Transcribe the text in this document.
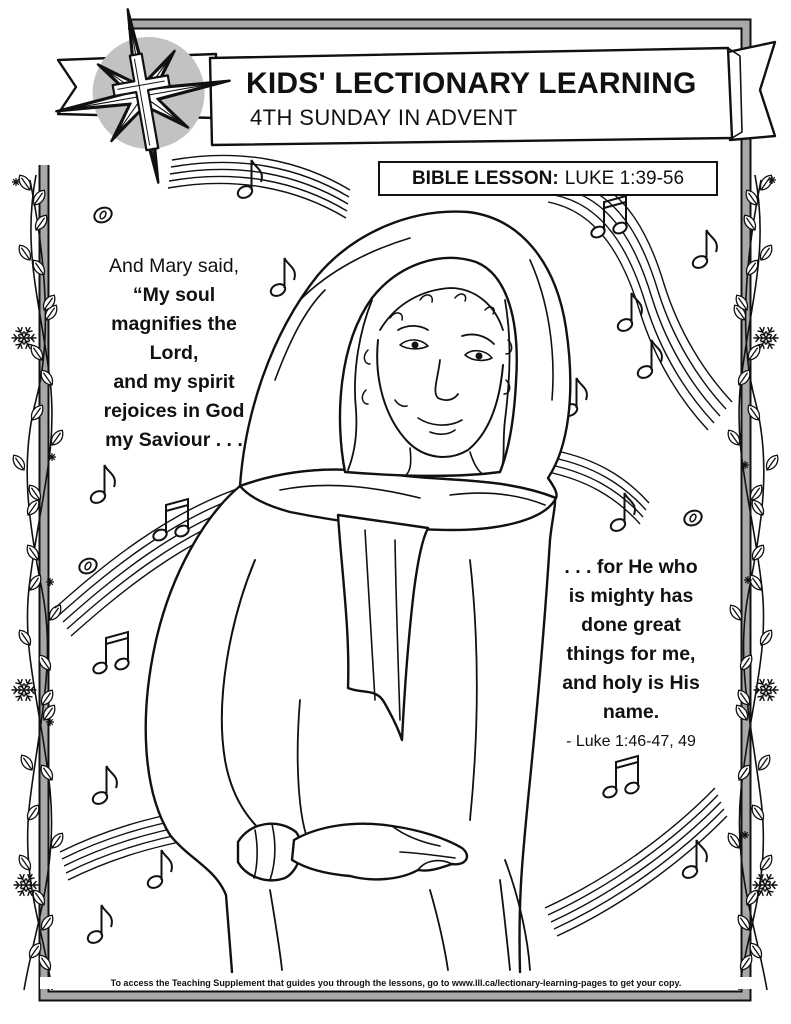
KIDS' LECTIONARY LEARNING
4TH SUNDAY IN ADVENT
BIBLE LESSON: LUKE 1:39-56
And Mary said,
“My soul
magnifies the
Lord,
and my spirit
rejoices in God
my Saviour . . .
. . . for He who
is mighty has
done great
things for me,
and holy is His
name.
- Luke 1:46-47, 49
To access the Teaching Supplement that guides you through the lessons, go to www.lll.ca/lectionary-learning-pages to get your copy.
